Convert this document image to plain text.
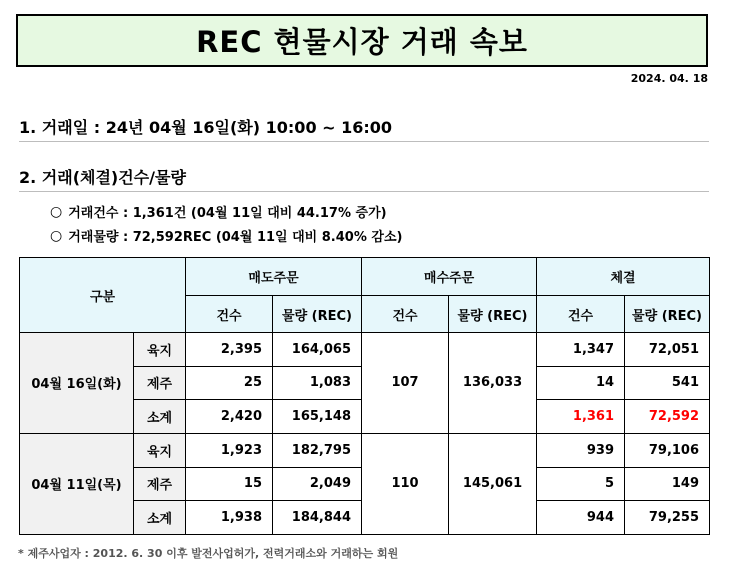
REC 현물시장 거래 속보
2024. 04. 18
1. 거래일 : 24년 04월 16일(화) 10:00 ~ 16:00
2. 거래(체결)건수/물량
○ 거래건수 : 1,361건 (04월 11일 대비 44.17% 증가)
○ 거래물량 : 72,592REC (04월 11일 대비 8.40% 감소)
구분		매도주문		매수주문		체결	
		건수	물량 (REC)	건수	물량 (REC)	건수	물량 (REC)
04월 16일(화)	육지	2,395	164,065	107	136,033	1,347	72,051
	제주	25	1,083			14	541
	소계	2,420	165,148			1,361	72,592
04월 11일(목)	육지	1,923	182,795	110	145,061	939	79,106
	제주	15	2,049			5	149
	소계	1,938	184,844			944	79,255
* 제주사업자 : 2012. 6. 30 이후 발전사업허가, 전력거래소와 거래하는 회원
